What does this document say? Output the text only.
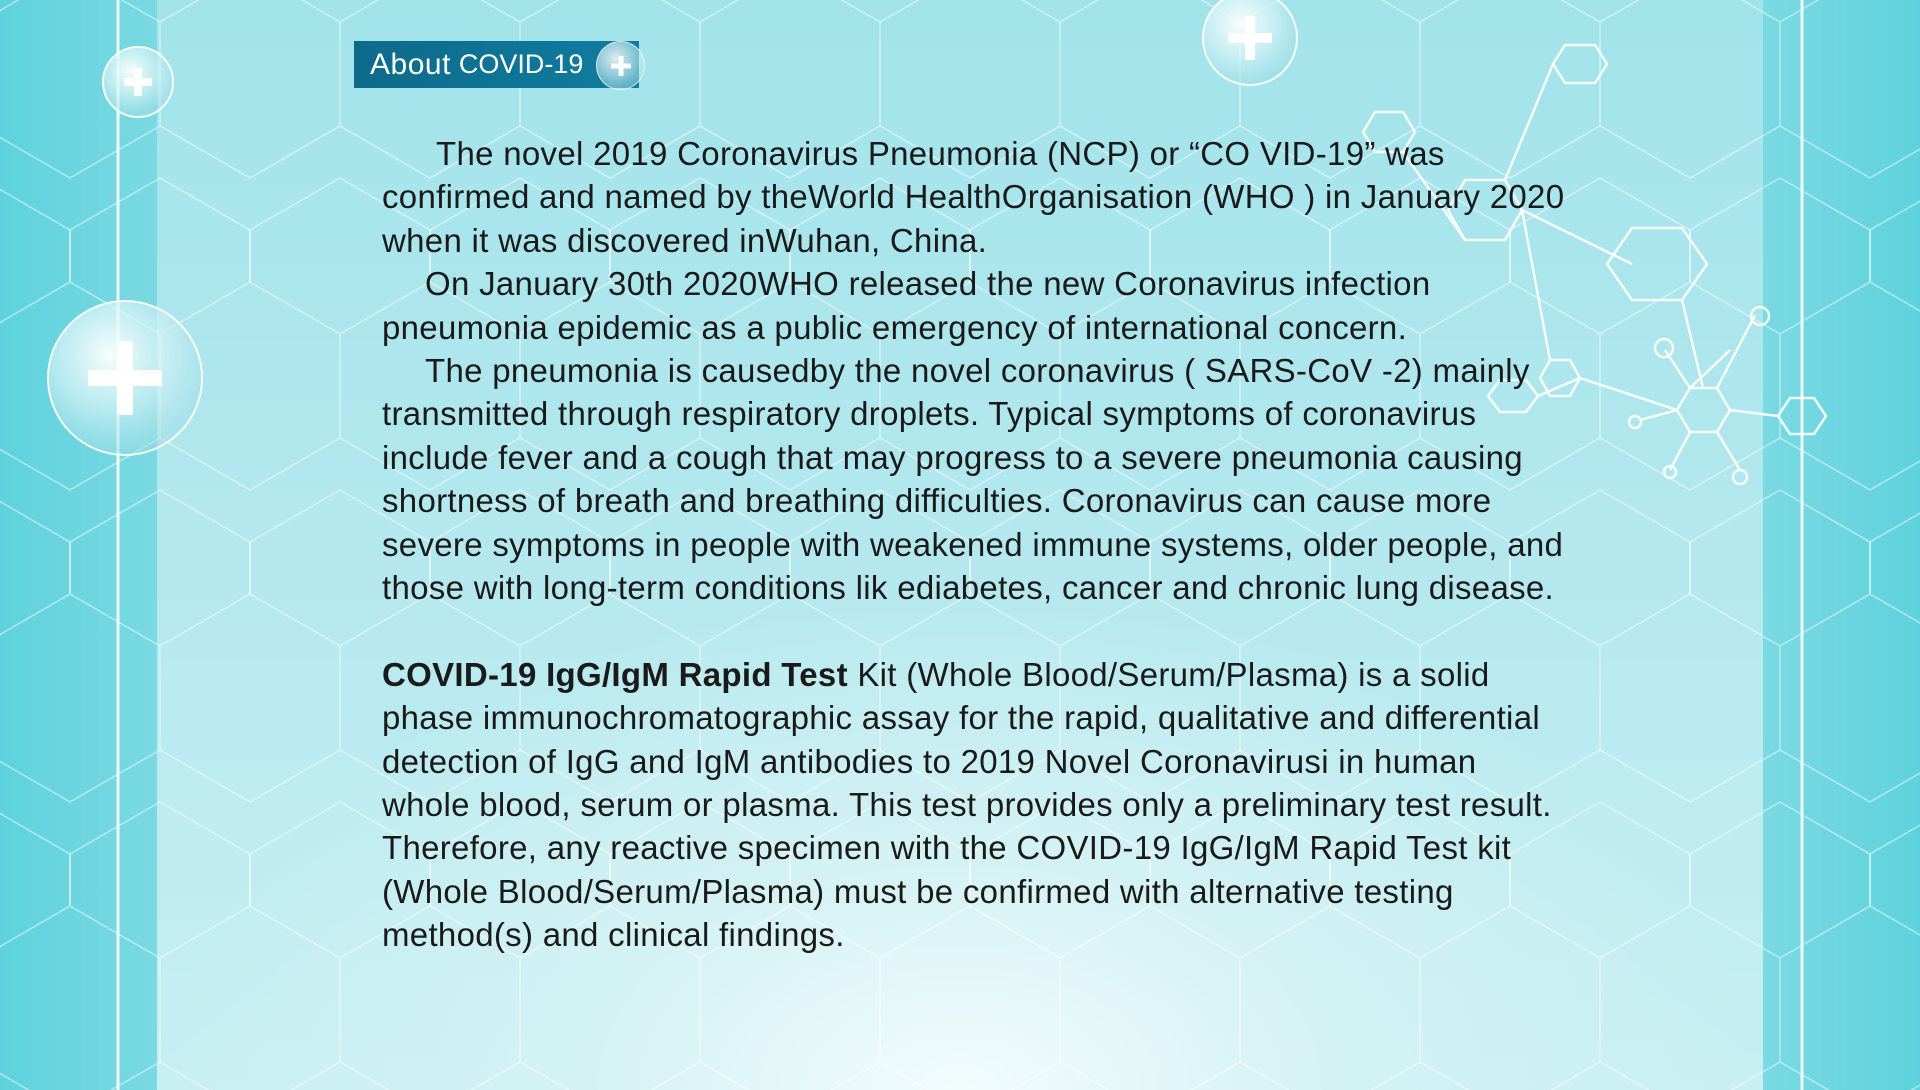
About COVID-19

The novel 2019 Coronavirus Pneumonia (NCP) or “CO VID-19” was confirmed and named by theWorld HealthOrganisation (WHO ) in January 2020 when it was discovered inWuhan, China.

On January 30th 2020WHO released the new Coronavirus infection pneumonia epidemic as a public emergency of international concern.

The pneumonia is causedby the novel coronavirus ( SARS-CoV -2) mainly transmitted through respiratory droplets. Typical symptoms of coronavirus include fever and a cough that may progress to a severe pneumonia causing shortness of breath and breathing difficulties. Coronavirus can cause more severe symptoms in people with weakened immune systems, older people, and those with long-term conditions lik ediabetes, cancer and chronic lung disease.

COVID-19 IgG/IgM Rapid Test Kit (Whole Blood/Serum/Plasma) is a solid phase immunochromatographic assay for the rapid, qualitative and differential detection of IgG and IgM antibodies to 2019 Novel Coronavirusi in human whole blood, serum or plasma. This test provides only a preliminary test result. Therefore, any reactive specimen with the COVID-19 IgG/IgM Rapid Test kit (Whole Blood/Serum/Plasma) must be confirmed with alternative testing method(s) and clinical findings.
